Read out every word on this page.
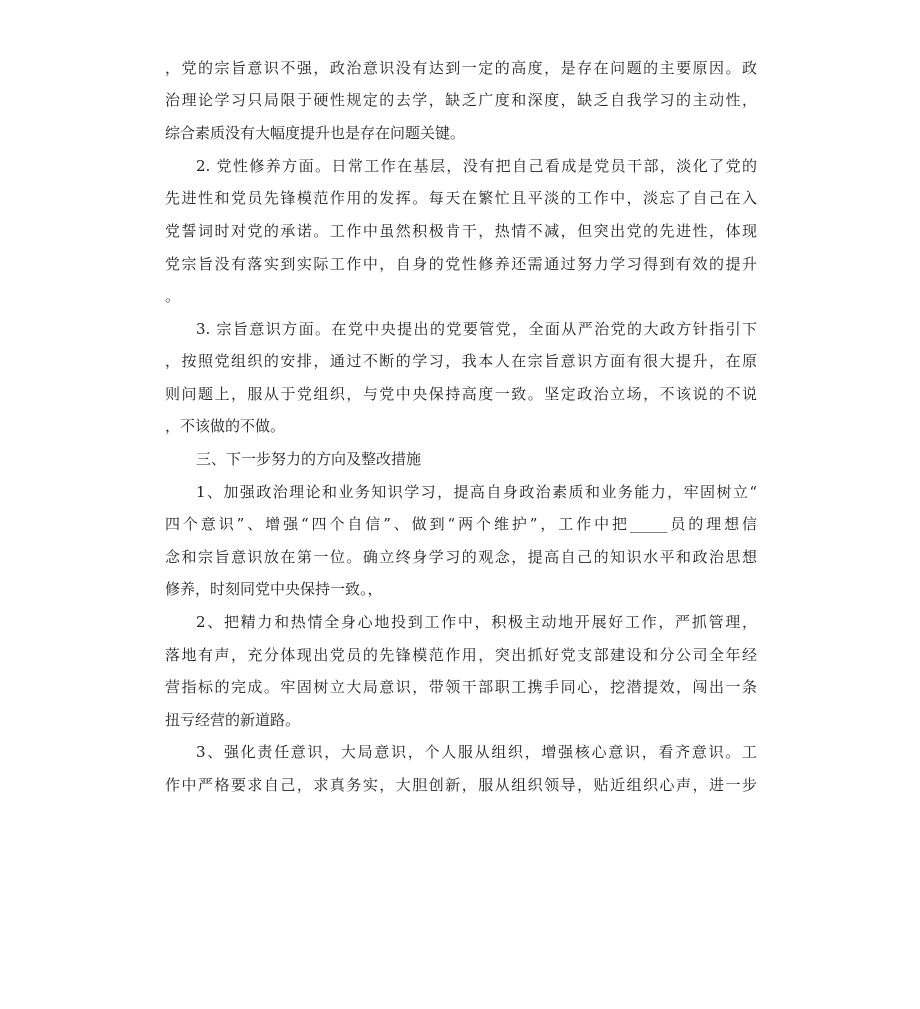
，党的宗旨意识不强，政治意识没有达到一定的高度，是存在问题的主要原因。政
治理论学习只局限于硬性规定的去学，缺乏广度和深度，缺乏自我学习的主动性，
综合素质没有大幅度提升也是存在问题关键。
2. 党性修养方面。日常工作在基层，没有把自己看成是党员干部，淡化了党的
先进性和党员先锋模范作用的发挥。每天在繁忙且平淡的工作中，淡忘了自己在入
党誓词时对党的承诺。工作中虽然积极肯干，热情不减，但突出党的先进性，体现
党宗旨没有落实到实际工作中，自身的党性修养还需通过努力学习得到有效的提升
。
3. 宗旨意识方面。在党中央提出的党要管党，全面从严治党的大政方针指引下
，按照党组织的安排，通过不断的学习，我本人在宗旨意识方面有很大提升，在原
则问题上，服从于党组织，与党中央保持高度一致。坚定政治立场，不该说的不说
，不该做的不做。
三、下一步努力的方向及整改措施
1、加强政治理论和业务知识学习，提高自身政治素质和业务能力，牢固树立“
四个意识”、增强“四个自信”、做到“两个维护”，工作中把_____员的理想信
念和宗旨意识放在第一位。确立终身学习的观念，提高自己的知识水平和政治思想
修养，时刻同党中央保持一致。，
2、把精力和热情全身心地投到工作中，积极主动地开展好工作，严抓管理，
落地有声，充分体现出党员的先锋模范作用，突出抓好党支部建设和分公司全年经
营指标的完成。牢固树立大局意识，带领干部职工携手同心，挖潜提效，闯出一条
扭亏经营的新道路。
3、强化责任意识，大局意识，个人服从组织，增强核心意识，看齐意识。工
作中严格要求自己，求真务实，大胆创新，服从组织领导，贴近组织心声，进一步
